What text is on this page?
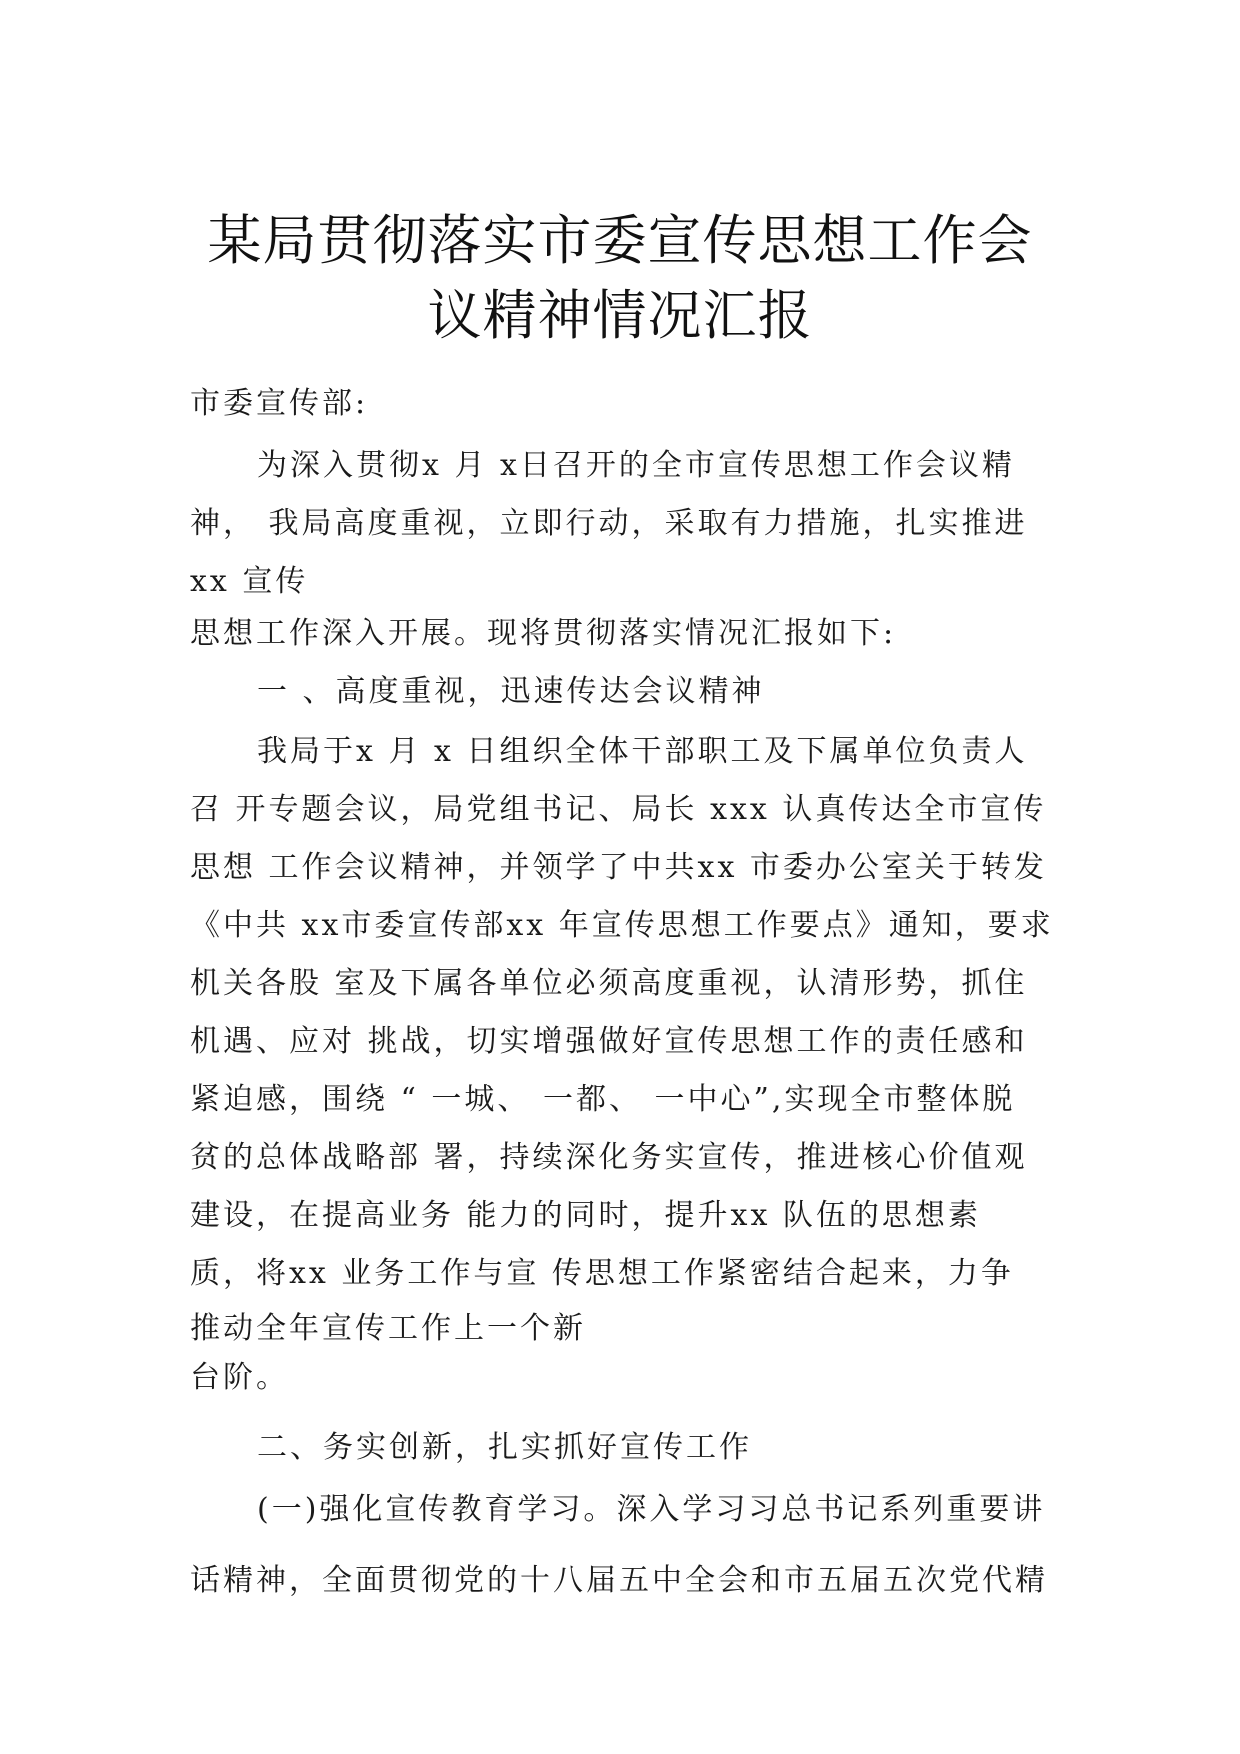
某局贯彻落实市委宣传思想工作会
议精神情况汇报
市委宣传部:
为深入贯彻x 月 x日召开的全市宣传思想工作会议精
神， 我局高度重视，立即行动，采取有力措施，扎实推进
xx 宣传
思想工作深入开展。现将贯彻落实情况汇报如下:
一 、高度重视，迅速传达会议精神
我局于x 月 x 日组织全体干部职工及下属单位负责人
召 开专题会议，局党组书记、局长 xxx 认真传达全市宣传
思想 工作会议精神，并领学了中共xx 市委办公室关于转发
《中共 xx市委宣传部xx 年宣传思想工作要点》通知，要求
机关各股 室及下属各单位必须高度重视，认清形势，抓住
机遇、应对 挑战，切实增强做好宣传思想工作的责任感和
紧迫感，围绕 “ 一城、 一都、 一中心”,实现全市整体脱
贫的总体战略部 署，持续深化务实宣传，推进核心价值观
建设，在提高业务 能力的同时，提升xx 队伍的思想素
质，将xx 业务工作与宣 传思想工作紧密结合起来，力争
推动全年宣传工作上一个新
台阶。
二、务实创新，扎实抓好宣传工作
(一)强化宣传教育学习。深入学习习总书记系列重要讲
话精神，全面贯彻党的十八届五中全会和市五届五次党代精
